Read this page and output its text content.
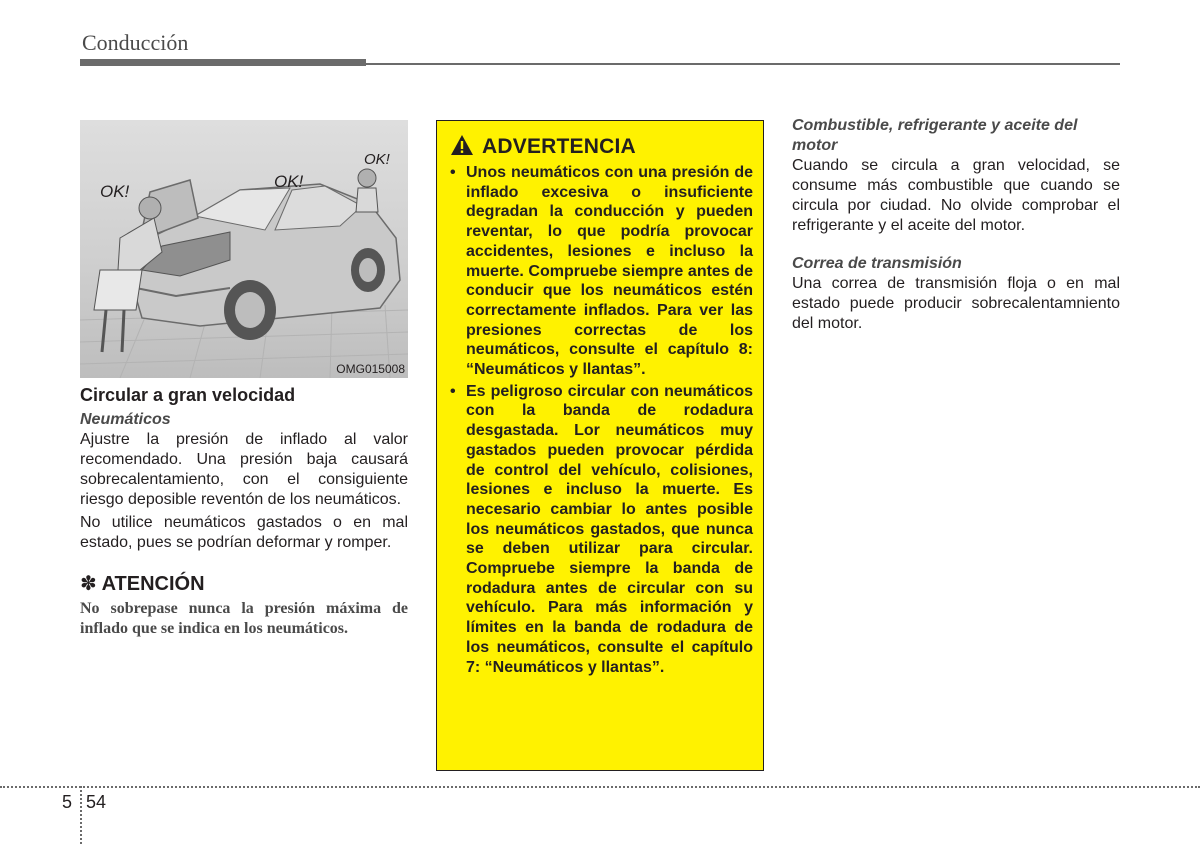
Conducción
OK!
OK!
OK!
OMG015008
Circular a gran velocidad
Neumáticos

Ajustre la presión de inflado al valor recomendado. Una presión baja causará sobrecalentamiento, con el consiguiente riesgo deposible reventón de los neumáticos.

No utilice neumáticos gastados o en mal estado, pues se podrían deformar y romper.

✽ ATENCIÓN
No sobrepase nunca la presión máxima de inflado que se indica en los neumáticos.
ADVERTENCIA
• Unos neumáticos con una presión de inflado excesiva o insuficiente degradan la conducción y pueden reventar, lo que podría provocar accidentes, lesiones e incluso la muerte. Compruebe siempre antes de conducir que los neumáticos estén correctamente inflados. Para ver las presiones correctas de los neumáticos, consulte el capítulo 8: “Neumáticos y llantas”.
• Es peligroso circular con neumáticos con la banda de rodadura desgastada. Lor neumáticos muy gastados pueden provocar pérdida de control del vehículo, colisiones, lesiones e incluso la muerte. Es necesario cambiar lo antes posible los neumáticos gastados, que nunca se deben utilizar para circular. Compruebe siempre la banda de rodadura antes de circular con su vehículo. Para más información y límites en la banda de rodadura de los neumáticos, consulte el capítulo 7: “Neumáticos y llantas”.
Combustible, refrigerante y aceite del motor

Cuando se circula a gran velocidad, se consume más combustible que cuando se circula por ciudad. No olvide comprobar el refrigerante y el aceite del motor.

Correa de transmisión

Una correa de transmisión floja o en mal estado puede producir sobrecalentamniento del motor.

5 54
